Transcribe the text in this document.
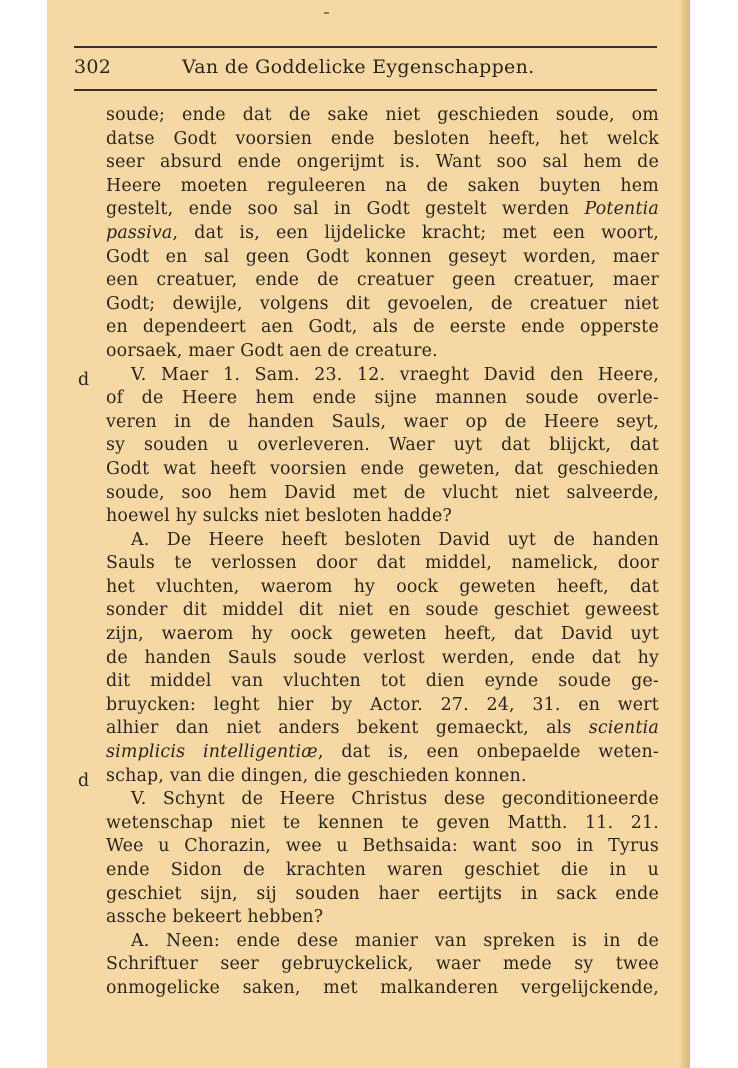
302	Van de Goddelicke Eygenschappen.
d
d

soude; ende dat de sake niet geschieden soude, om

datse Godt voorsien ende besloten heeft, het welck

seer absurd ende ongerijmt is. Want soo sal hem de

Heere moeten reguleeren na de saken buyten hem

gestelt, ende soo sal in Godt gestelt werden Potentia

passiva, dat is, een lijdelicke kracht; met een woort,

Godt en sal geen Godt konnen geseyt worden, maer

een creatuer, ende de creatuer geen creatuer, maer

Godt; dewijle, volgens dit gevoelen, de creatuer niet

en dependeert aen Godt, als de eerste ende opperste

oorsaek, maer Godt aen de creature.

V. Maer 1. Sam. 23. 12. vraeght David den Heere,

of de Heere hem ende sijne mannen soude overle-

veren in de handen Sauls, waer op de Heere seyt,

sy souden u overleveren. Waer uyt dat blijckt, dat

Godt wat heeft voorsien ende geweten, dat geschieden

soude, soo hem David met de vlucht niet salveerde,

hoewel hy sulcks niet besloten hadde?

A. De Heere heeft besloten David uyt de handen

Sauls te verlossen door dat middel, namelick, door

het vluchten, waerom hy oock geweten heeft, dat

sonder dit middel dit niet en soude geschiet geweest

zijn, waerom hy oock geweten heeft, dat David uyt

de handen Sauls soude verlost werden, ende dat hy

dit middel van vluchten tot dien eynde soude ge-

bruycken: leght hier by Actor. 27. 24, 31. en wert

alhier dan niet anders bekent gemaeckt, als scientia

simplicis intelligentiæ, dat is, een onbepaelde weten-

schap, van die dingen, die geschieden konnen.

V. Schynt de Heere Christus dese geconditioneerde

wetenschap niet te kennen te geven Matth. 11. 21.

Wee u Chorazin, wee u Bethsaida: want soo in Tyrus

ende Sidon de krachten waren geschiet die in u

geschiet sijn, sij souden haer eertijts in sack ende

assche bekeert hebben?

A. Neen: ende dese manier van spreken is in de

Schriftuer seer gebruyckelick, waer mede sy twee

onmogelicke saken, met malkanderen vergelijckende,
